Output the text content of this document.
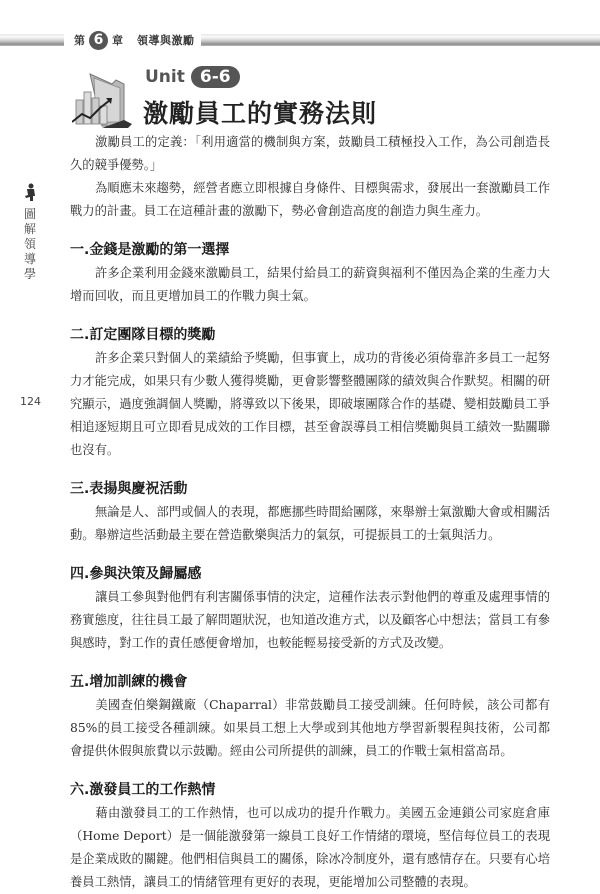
第 6 章 領導與激勵
Unit 6-6
激勵員工的實務法則
圖
解
領
導
學
124

激勵員工的定義：「利用適當的機制與方案，鼓勵員工積極投入工作，為公司創造長久的競爭優勢。」

為順應未來趨勢，經營者應立即根據自身條件、目標與需求，發展出一套激勵員工作戰力的計畫。員工在這種計畫的激勵下，勢必會創造高度的創造力與生產力。

一.金錢是激勵的第一選擇

許多企業利用金錢來激勵員工，結果付給員工的薪資與福利不僅因為企業的生產力大增而回收，而且更增加員工的作戰力與士氣。

二.訂定團隊目標的獎勵

許多企業只對個人的業績給予獎勵，但事實上，成功的背後必須倚靠許多員工一起努力才能完成，如果只有少數人獲得獎勵，更會影響整體團隊的績效與合作默契。相關的研究顯示，過度強調個人獎勵，將導致以下後果，即破壞團隊合作的基礎、變相鼓勵員工爭相追逐短期且可立即看見成效的工作目標，甚至會誤導員工相信獎勵與員工績效一點關聯也沒有。

三.表揚與慶祝活動

無論是人、部門或個人的表現，都應挪些時間給團隊，來舉辦士氣激勵大會或相關活動。舉辦這些活動最主要在營造歡樂與活力的氣氛，可提振員工的士氣與活力。

四.參與決策及歸屬感

讓員工參與對他們有利害關係事情的決定，這種作法表示對他們的尊重及處理事情的務實態度，往往員工最了解問題狀況，也知道改進方式，以及顧客心中想法；當員工有參與感時，對工作的責任感便會增加，也較能輕易接受新的方式及改變。

五.增加訓練的機會

美國查伯樂鋼鐵廠（Chaparral）非常鼓勵員工接受訓練。任何時候，該公司都有85%的員工接受各種訓練。如果員工想上大學或到其他地方學習新製程與技術，公司都會提供休假與旅費以示鼓勵。經由公司所提供的訓練，員工的作戰士氣相當高昂。

六.激發員工的工作熱情

藉由激發員工的工作熱情，也可以成功的提升作戰力。美國五金連鎖公司家庭倉庫（Home Deport）是一個能激發第一線員工良好工作情緒的環境，堅信每位員工的表現是企業成敗的關鍵。他們相信與員工的關係，除冰冷制度外，還有感情存在。只要有心培養員工熱情，讓員工的情緒管理有更好的表現，更能增加公司整體的表現。
